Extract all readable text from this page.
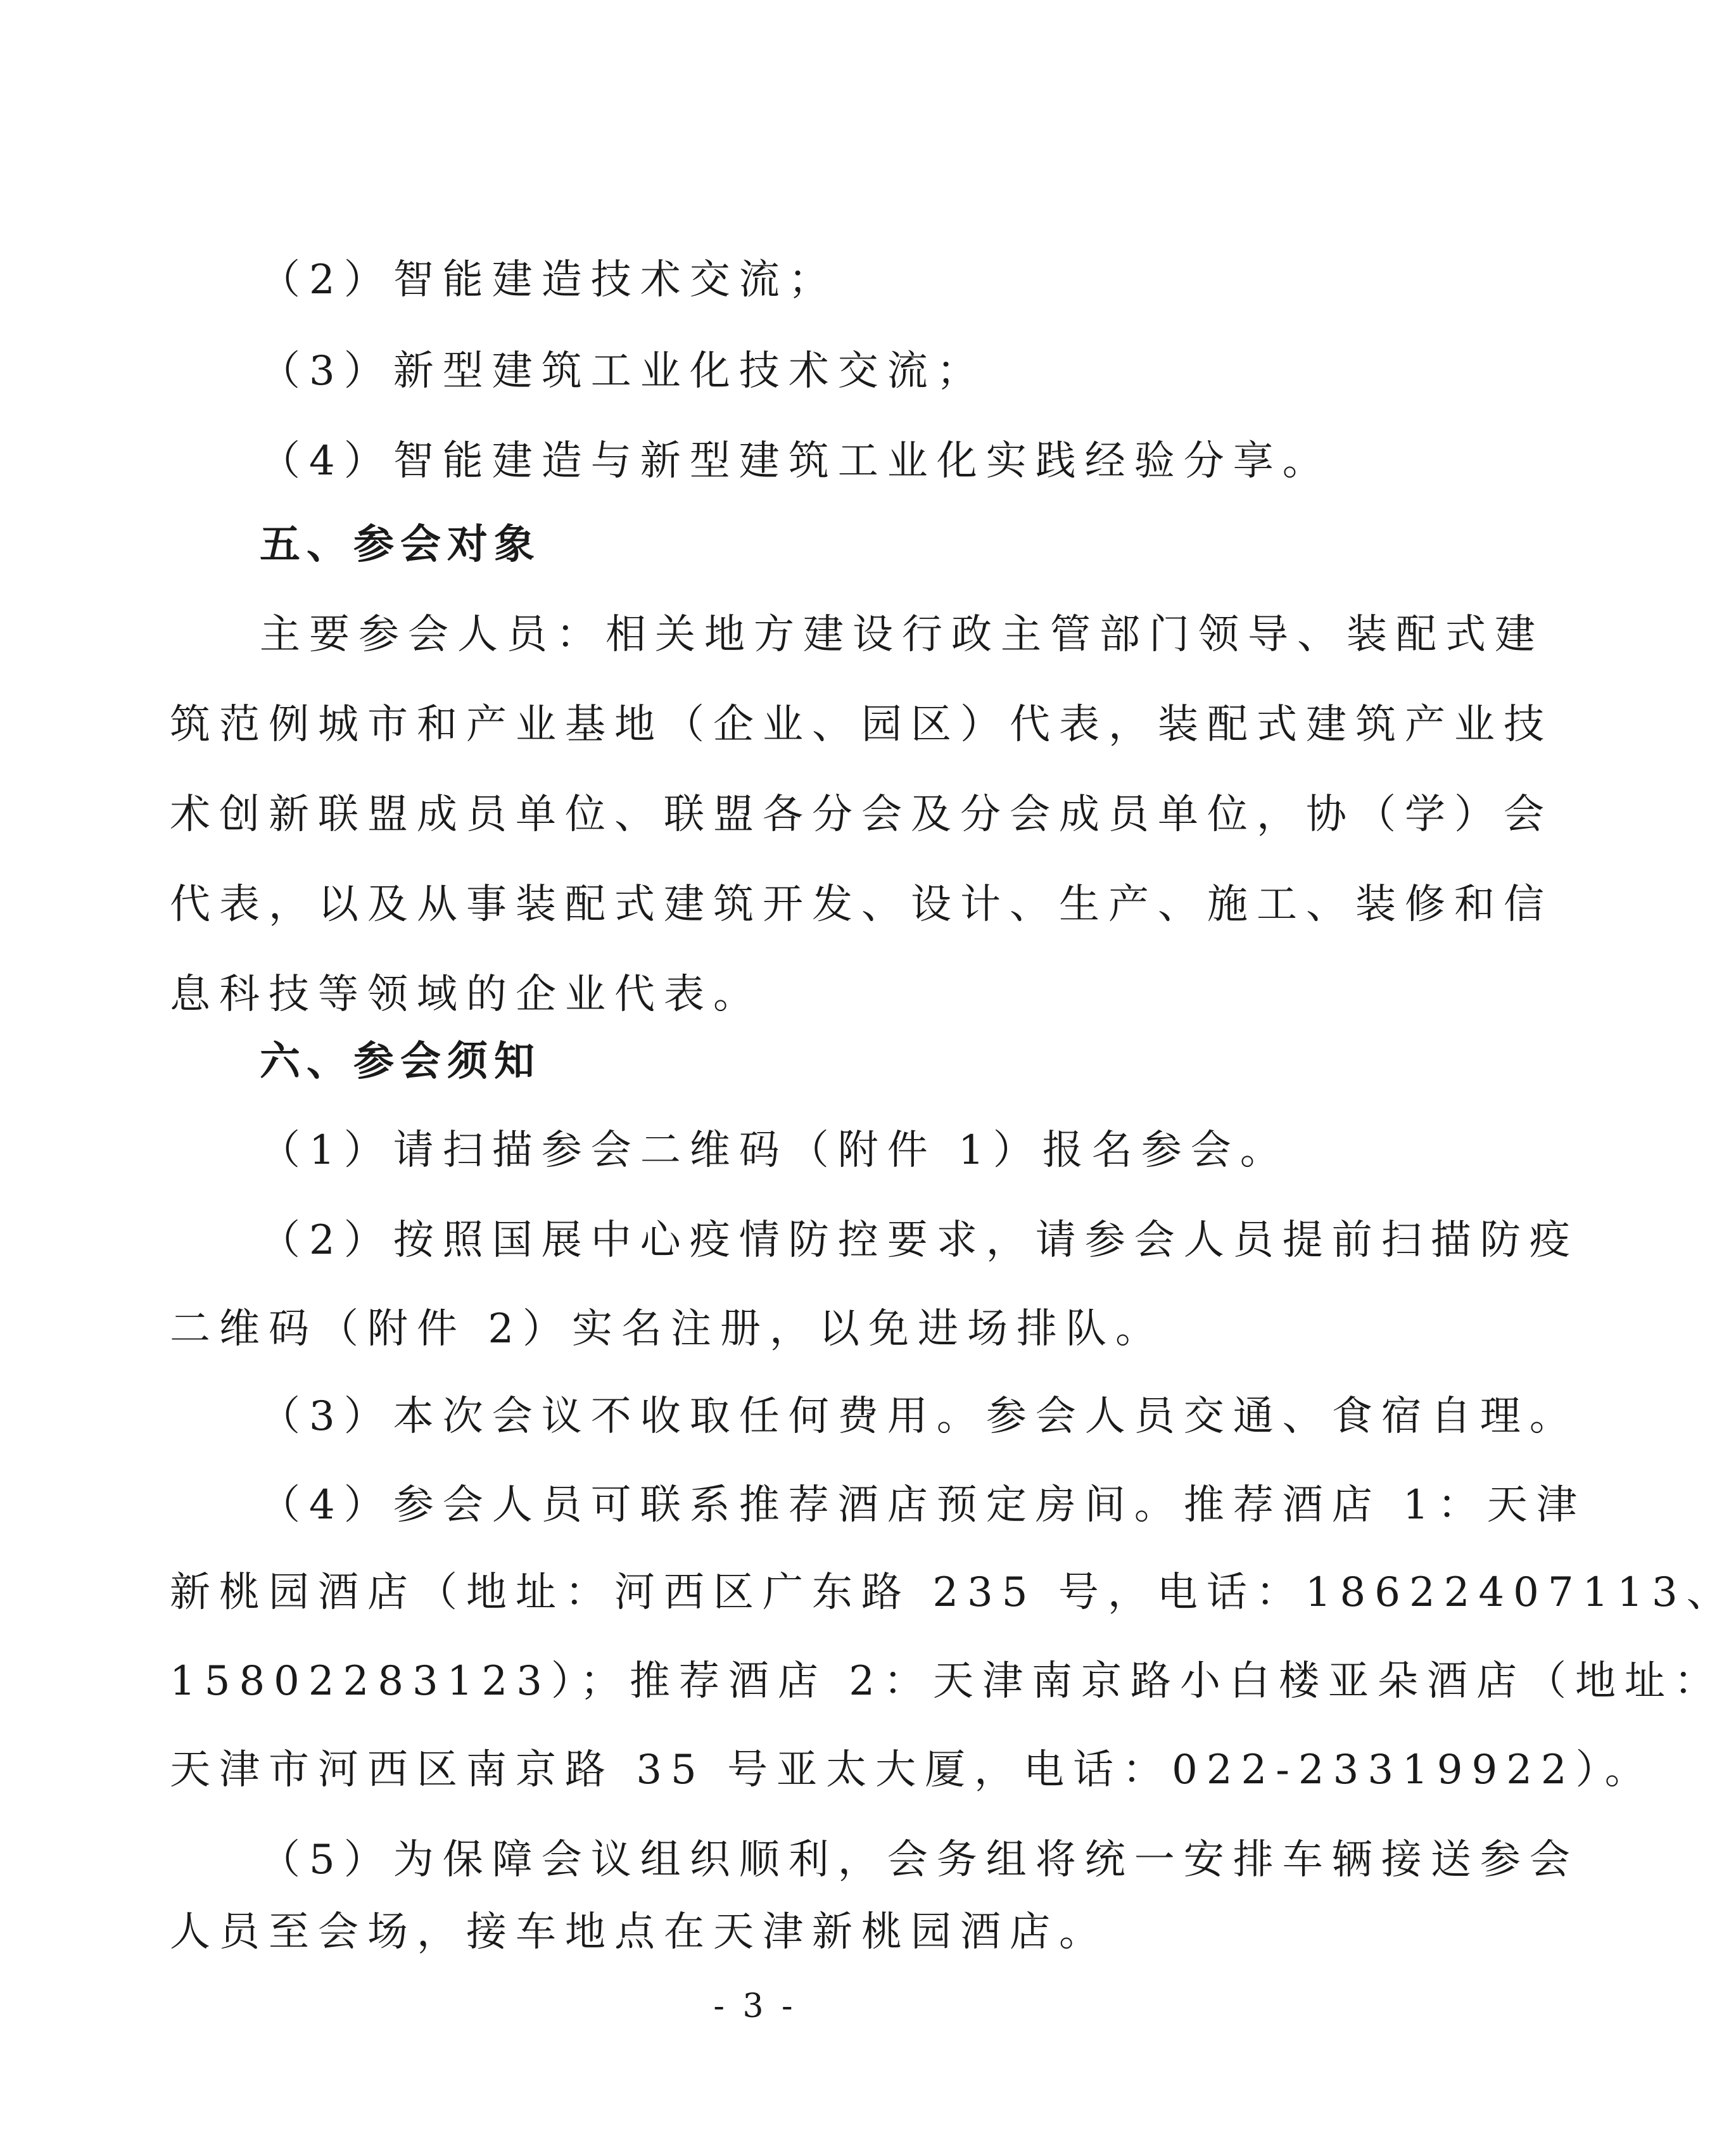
（2）智能建造技术交流；
（3）新型建筑工业化技术交流；
（4）智能建造与新型建筑工业化实践经验分享。
五、参会对象
主要参会人员：相关地方建设行政主管部门领导、装配式建
筑范例城市和产业基地（企业、园区）代表，装配式建筑产业技
术创新联盟成员单位、联盟各分会及分会成员单位，协（学）会
代表，以及从事装配式建筑开发、设计、生产、施工、装修和信
息科技等领域的企业代表。
六、参会须知
（1）请扫描参会二维码（附件 1）报名参会。
（2）按照国展中心疫情防控要求，请参会人员提前扫描防疫
二维码（附件 2）实名注册，以免进场排队。
（3）本次会议不收取任何费用。参会人员交通、食宿自理。
（4）参会人员可联系推荐酒店预定房间。推荐酒店 1：天津
新桃园酒店（地址：河西区广东路 235 号，电话：18622407113、
15802283123）；推荐酒店 2：天津南京路小白楼亚朵酒店（地址：
天津市河西区南京路 35 号亚太大厦，电话：022-23319922）。
（5）为保障会议组织顺利，会务组将统一安排车辆接送参会
人员至会场，接车地点在天津新桃园酒店。
- 3 -
